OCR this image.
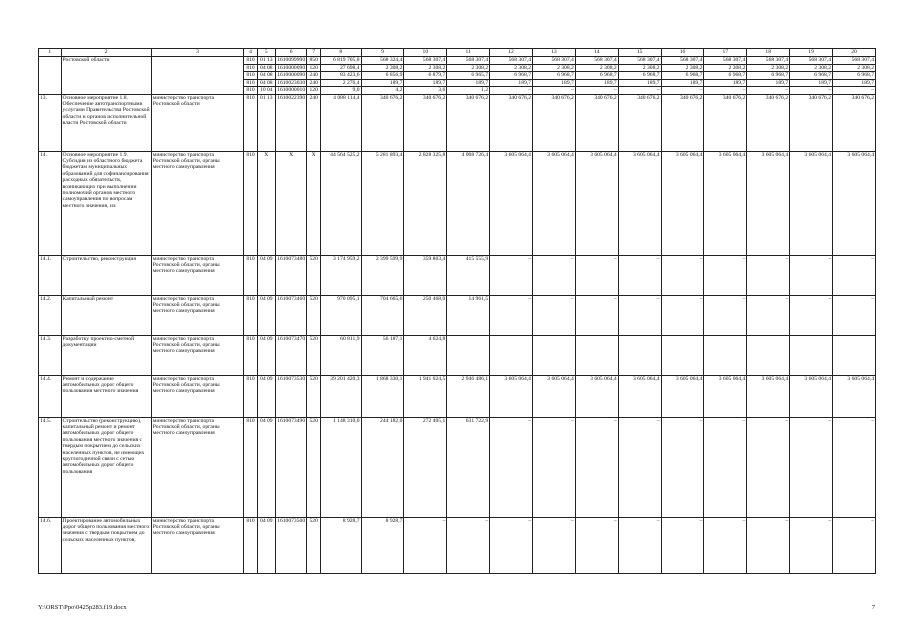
1	2	3	4	5	6	7	8	9	10	11	12	13	14	15	16	17	18	19	20
	Ростовской области		810	01 13	1610099990	850	6 819 705,8	568 324,4	568 307,4	568 307,4	568 307,4	568 307,4	568 307,4	568 307,4	568 307,4	568 307,4	568 307,4	568 307,4	568 307,4
			810	04 08	1610000090	120	27 698,4	2 308,2	2 308,2	2 308,2	2 308,2	2 308,2	2 308,2	2 308,2	2 308,2	2 308,2	2 308,2	2 308,2	2 308,2
			810	04 08	1610000090	240	83 423,6	6 856,9	6 879,7	6 965,7	6 968,7	6 968,7	6 968,7	6 968,7	6 968,7	6 968,7	6 968,7	6 968,7	6 968,7
			810	04 08	1610023030	240	2 276,4	189,7	189,7	189,7	189,7	189,7	189,7	189,7	189,7	189,7	189,7	189,7	189,7
			810	10 04	1610000010	120	9,0	4,2	3,6	1,2	–	–	–	–	–	–	–	–	–
13.	Основное мероприятие 1.8. Обеспечение автотранспортными услугами Правительства Ростовской области и органов исполнительной власти Ростовской области	министерство транспорта Ростовской области	810	01 13	1610022390	240	4 088 114,4	340 676,2	340 676,2	340 676,2	340 676,2	340 676,2	340 676,2	340 676,2	340 676,2	340 676,2	340 676,2	340 676,2	340 676,2
14.	Основное мероприятие 1.9. Субсидия из областного бюджета бюджетам муниципальных образований для софинансирования расходных обязательств, возникающих при выполнении полномочий органов местного самоуправления по вопросам местного значения, из:	министерство транспорта Ростовской области, органы местного самоуправления	810	X	X	X	44 564 525,2	5 281 893,4	2 828 325,8	4 008 726,4	3 605 064,4	3 605 064,4	3 605 064,4	3 605 064,4	3 605 064,4	3 605 064,4	3 605 064,4	3 605 064,4	3 605 064,4
14.1.	Строительство, реконструкция	министерство транспорта Ростовской области, органы местного самоуправления	810	04 09	1610073480	520	3 174 959,2	2 399 599,9	359 803,4	415 555,9	–	–	–	–	–	–	–	–	–
14.2.	Капитальный ремонт	министерство транспорта Ростовской области, органы местного самоуправления	810	04 09	1610073460	520	970 095,1	704 665,6	250 468,0	14 961,5	–	–	–	–	–	–	–	–	–
14.3.	Разработку проектно-сметной документации	министерство транспорта Ростовской области, органы местного самоуправления	810	04 09	1610073470	520	60 811,9	56 187,1	4 624,8										
14.4.	Ремонт и содержание автомобильных дорог общего пользования местного значения	министерство транспорта Ростовской области, органы местного самоуправления	810	04 09	1610073530	520	39 201 420,3	1 868 330,1	1 941 024,5	2 946 486,1	3 605 064,4	3 605 064,4	3 605 064,4	3 605 064,4	3 605 064,4	3 605 064,4	3 605 064,4	3 605 064,4	3 605 064,4
14.5.	Строительство (реконструкцию), капитальный ремонт и ремонт автомобильных дорог общего пользования местного значения с твердым покрытием до сельских населенных пунктов, не имеющих круглогодичной связи с сетью автомобильных дорог общего пользования	министерство транспорта Ростовской области, органы местного самоуправления	810	04 09	1610073490	520	1 148 310,0	244 182,0	272 405,1	631 722,9	–	–	–	–	–	–	–	–	–
14.6.	Проектирование автомобильных дорог общего пользования местного значения с твердым покрытием до сельских населенных пунктов,	министерство транспорта Ростовской области, органы местного самоуправления	810	04 09	1610073500	520	8 928,7	8 928,7	–	–	–	–	–	–	–	–	–	–	–
Y:\ORST\Ppo\0425p283.f19.docx	7
